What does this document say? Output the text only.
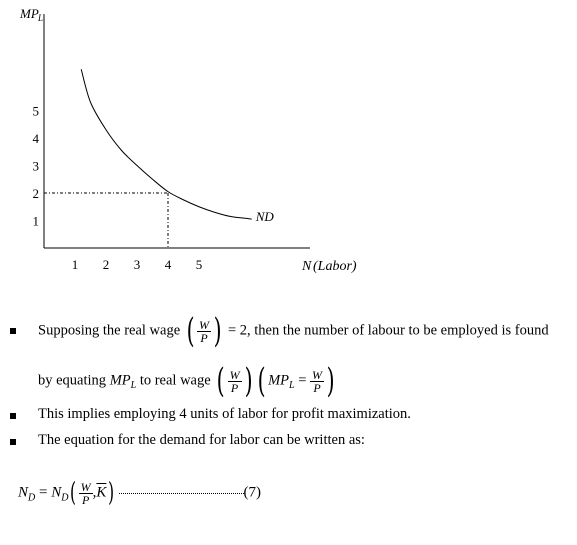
MP L
N (Labor)
1 2 3 4 5
1
2
3
4
5
ND
Supposing the real wage ( $\frac{W}{P}$ ) = 2, then the number of labour to be employed is found
by equating $MP_L$ to real wage ( $\frac{W}{P}$ ) ( $MP_L = \frac{W}{P}$ )
This implies employing 4 units of labor for profit maximization.
The equation for the demand for labor can be written as:
$N_D = N_D( \frac{W}{P} ,\overline{K})$	(7)
